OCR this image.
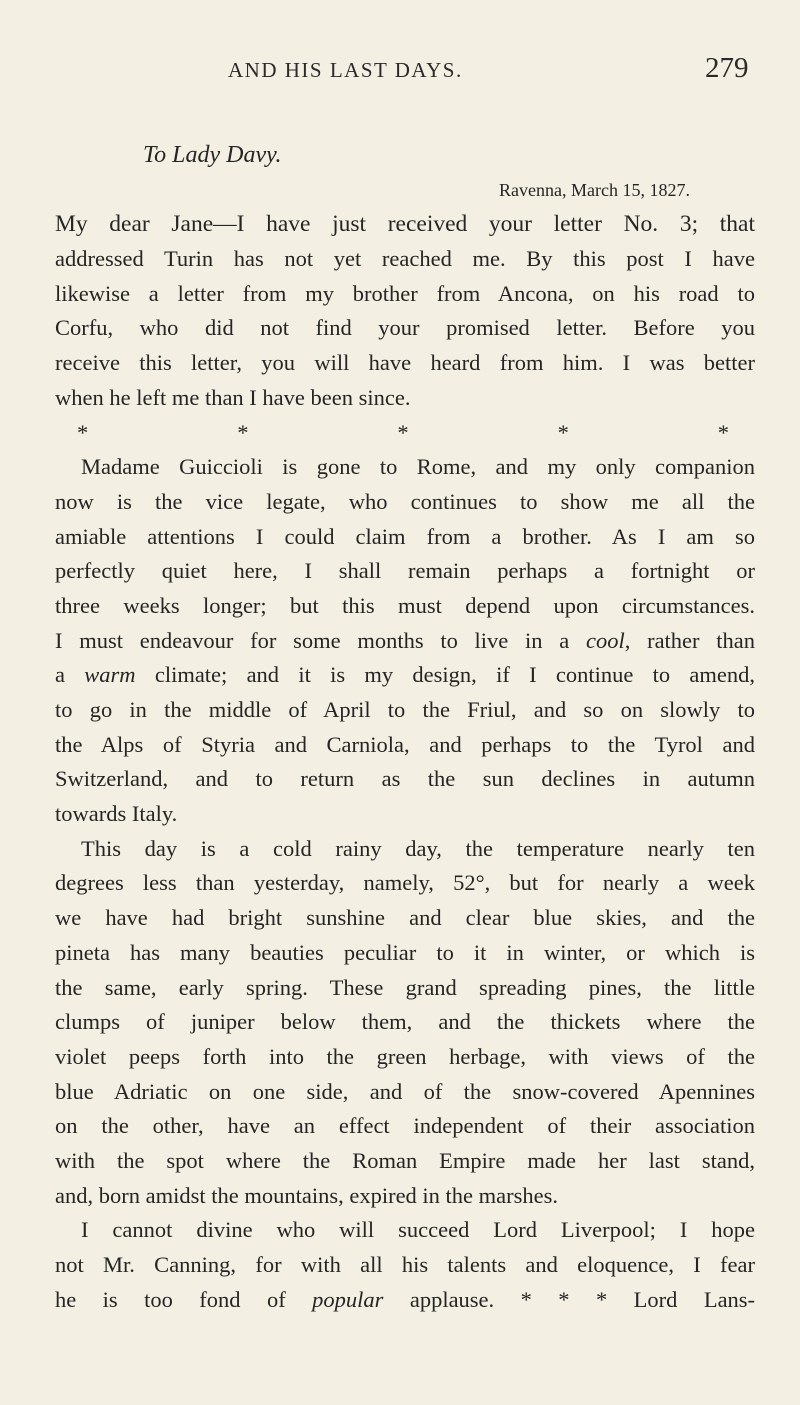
AND HIS LAST DAYS.	279
To Lady Davy.
Ravenna, March 15, 1827.
My dear Jane—I have just received your letter No. 3; that
addressed Turin has not yet reached me. By this post I have
likewise a letter from my brother from Ancona, on his road to
Corfu, who did not find your promised letter. Before you
receive this letter, you will have heard from him. I was better
when he left me than I have been since.
* * * * *
Madame Guiccioli is gone to Rome, and my only companion
now is the vice legate, who continues to show me all the
amiable attentions I could claim from a brother. As I am so
perfectly quiet here, I shall remain perhaps a fortnight or
three weeks longer; but this must depend upon circumstances.
I must endeavour for some months to live in a cool, rather than
a warm climate; and it is my design, if I continue to amend,
to go in the middle of April to the Friul, and so on slowly to
the Alps of Styria and Carniola, and perhaps to the Tyrol and
Switzerland, and to return as the sun declines in autumn
towards Italy.
This day is a cold rainy day, the temperature nearly ten
degrees less than yesterday, namely, 52°, but for nearly a week
we have had bright sunshine and clear blue skies, and the
pineta has many beauties peculiar to it in winter, or which is
the same, early spring. These grand spreading pines, the little
clumps of juniper below them, and the thickets where the
violet peeps forth into the green herbage, with views of the
blue Adriatic on one side, and of the snow-covered Apennines
on the other, have an effect independent of their association
with the spot where the Roman Empire made her last stand,
and, born amidst the mountains, expired in the marshes.
I cannot divine who will succeed Lord Liverpool; I hope
not Mr. Canning, for with all his talents and eloquence, I fear
he is too fond of popular applause. * * * Lord Lans-
